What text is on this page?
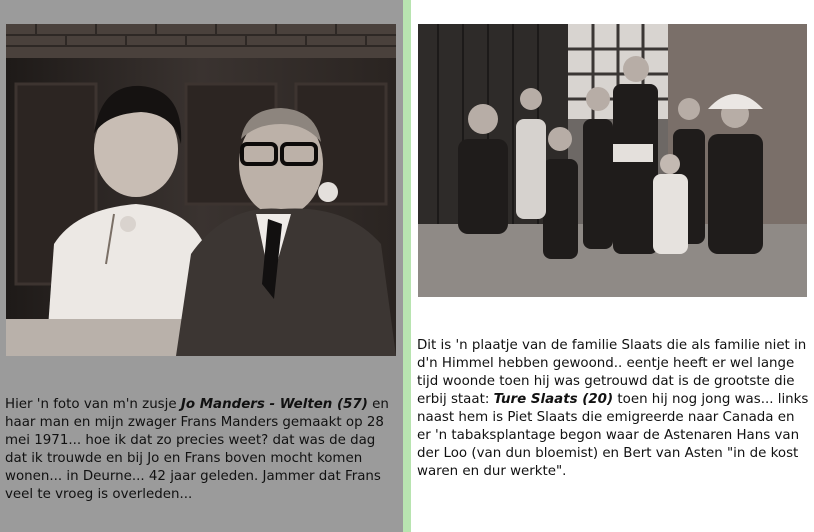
Hier 'n foto van m'n zusje Jo Manders - Welten (57) en haar man en mijn zwager Frans Manders gemaakt op 28 mei 1971... hoe ik dat zo precies weet? dat was de dag dat ik trouwde en bij Jo en Frans boven mocht komen wonen... in Deurne... 42 jaar geleden. Jammer dat Frans veel te vroeg is overleden...
Dit is 'n plaatje van de familie Slaats die als familie niet in d'n Himmel hebben gewoond.. eentje heeft er wel lange tijd woonde toen hij was getrouwd dat is de grootste die erbij staat: Ture Slaats (20) toen hij nog jong was... links naast hem is Piet Slaats die emigreerde naar Canada en er 'n tabaksplantage begon waar de Astenaren Hans van der Loo (van dun bloemist) en Bert van Asten "in de kost waren en dur werkte".
